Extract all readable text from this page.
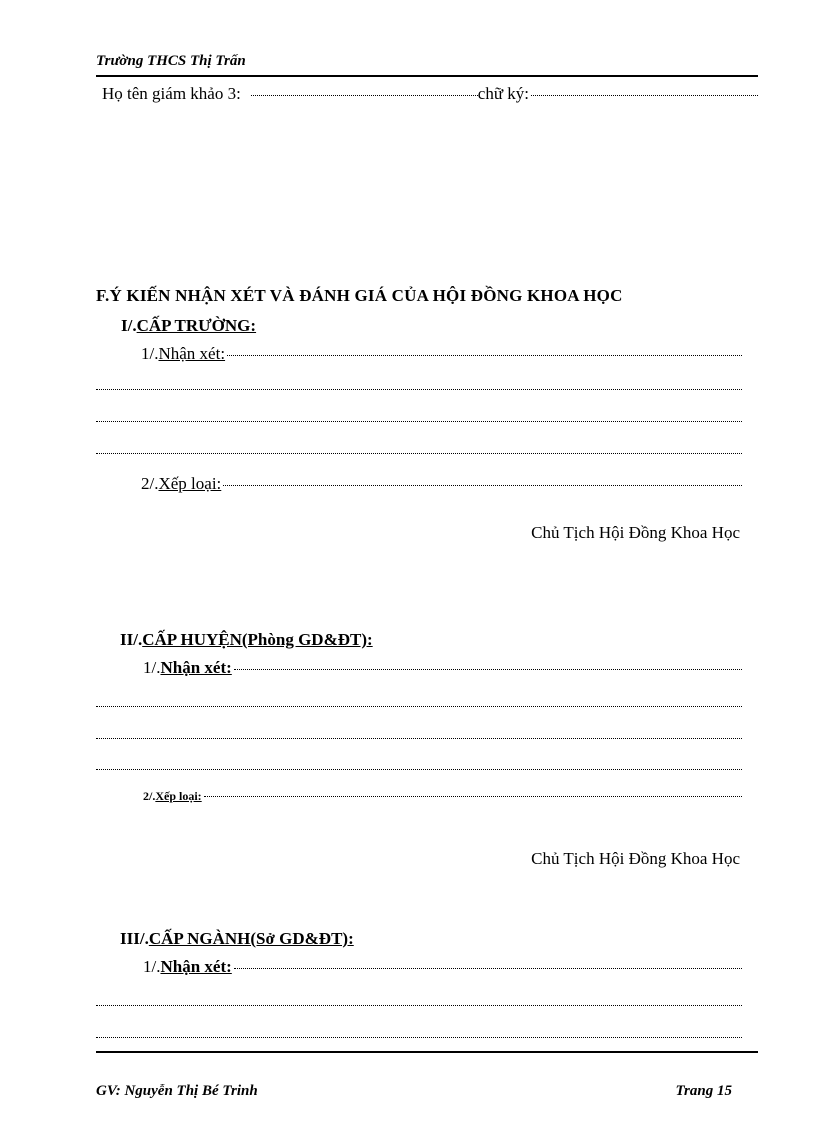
Trường THCS Thị Trấn
Họ tên giám khảo 3:	chữ ký:
F.Ý KIẾN NHẬN XÉT VÀ ĐÁNH GIÁ CỦA HỘI ĐỒNG KHOA HỌC
I/.CẤP TRƯỜNG:
1/. Nhận xét:
2/. Xếp loại:
Chủ Tịch Hội Đồng Khoa Học
II/.CẤP HUYỆN(Phòng GD&ĐT):
1/. Nhận xét:
2/. Xếp loại:
Chủ Tịch Hội Đồng Khoa Học
III/.CẤP NGÀNH(Sở GD&ĐT):
1/. Nhận xét:
GV: Nguyễn Thị Bé Trinh	Trang 15
